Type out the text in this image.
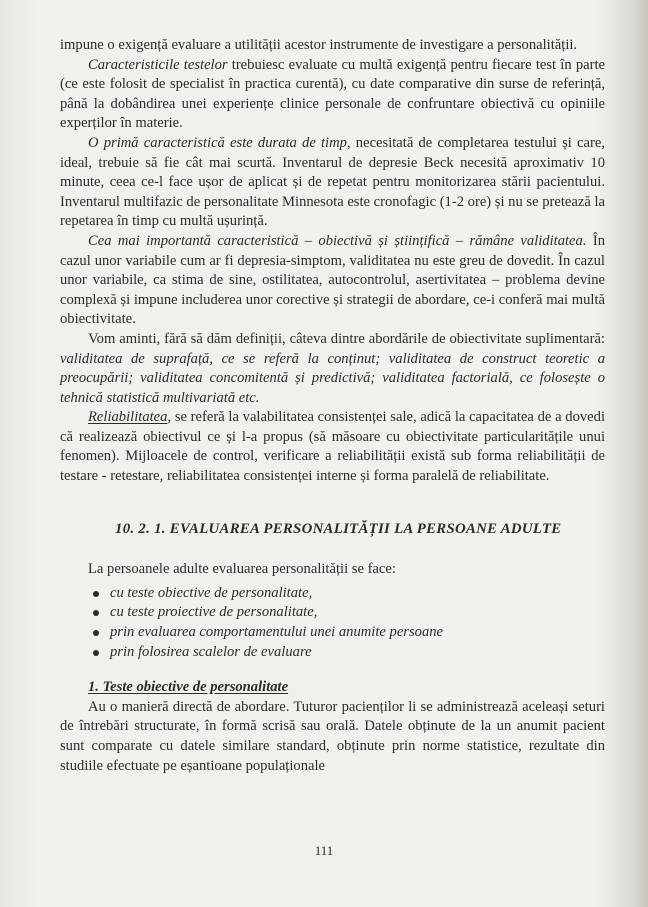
impune o exigență evaluare a utilității acestor instrumente de investigare a personalității.

Caracteristicile testelor trebuiesc evaluate cu multă exigență pentru fiecare test în parte (ce este folosit de specialist în practica curentă), cu date comparative din surse de referință, până la dobândirea unei experiențe clinice personale de confruntare obiectivă cu opiniile experților în materie.

O primă caracteristică este durata de timp, necesitată de completarea testului și care, ideal, trebuie să fie cât mai scurtă. Inventarul de depresie Beck necesită aproximativ 10 minute, ceea ce-l face ușor de aplicat și de repetat pentru monitorizarea stării pacientului. Inventarul multifazic de personalitate Minnesota este cronofagic (1-2 ore) și nu se pretează la repetarea în timp cu multă ușurință.

Cea mai importantă caracteristică – obiectivă și științifică – rămâne validitatea. În cazul unor variabile cum ar fi depresia-simptom, validitatea nu este greu de dovedit. În cazul unor variabile, ca stima de sine, ostilitatea, autocontrolul, asertivitatea – problema devine complexă și impune includerea unor corective și strategii de abordare, ce-i conferă mai multă obiectivitate.

Vom aminti, fără să dăm definiții, câteva dintre abordările de obiectivitate suplimentară: validitatea de suprafață, ce se referă la conținut; validitatea de construct teoretic a preocupării; validitatea concomitentă și predictivă; validitatea factorială, ce folosește o tehnică statistică multivariată etc.

Reliabilitatea, se referă la valabilitatea consistenței sale, adică la capacitatea de a dovedi că realizează obiectivul ce și l-a propus (să măsoare cu obiectivitate particularitățile unui fenomen). Mijloacele de control, verificare a reliabilității există sub forma reliabilității de testare - retestare, reliabilitatea consistenței interne și forma paralelă de reliabilitate.

10. 2. 1. EVALUAREA PERSONALITĂȚII LA PERSOANE ADULTE

La persoanele adulte evaluarea personalității se face:

cu teste obiective de personalitate,
cu teste proiective de personalitate,
prin evaluarea comportamentului unei anumite persoane
prin folosirea scalelor de evaluare

1. Teste obiective de personalitate

Au o manieră directă de abordare. Tuturor pacienților li se administrează aceleași seturi de întrebări structurate, în formă scrisă sau orală. Datele obținute de la un anumit pacient sunt comparate cu datele similare standard, obținute prin norme statistice, rezultate din studiile efectuate pe eșantioane populaționale

111
